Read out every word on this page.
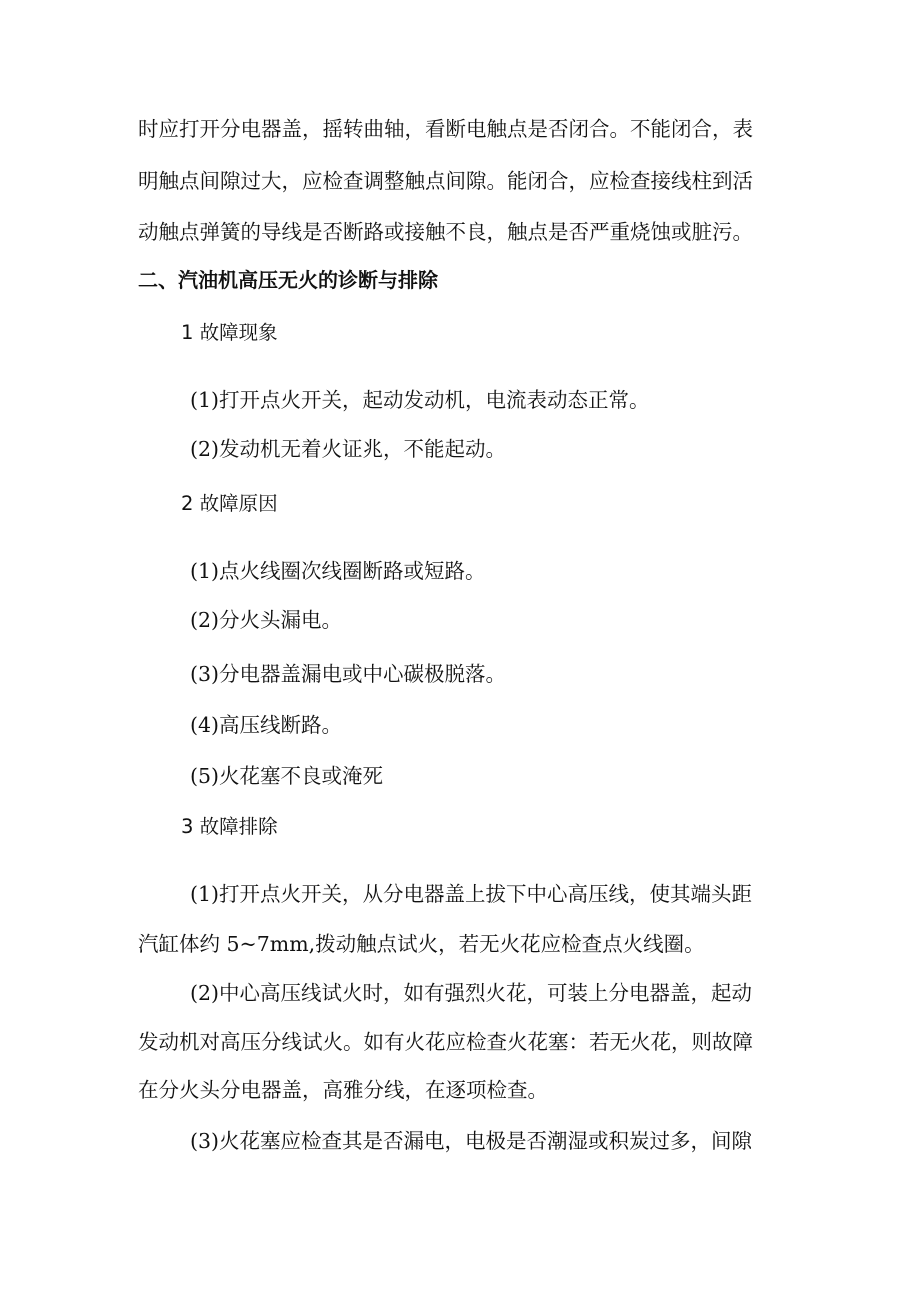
时应打开分电器盖，摇转曲轴，看断电触点是否闭合。不能闭合，表

明触点间隙过大，应检查调整触点间隙。能闭合，应检查接线柱到活

动触点弹簧的导线是否断路或接触不良，触点是否严重烧蚀或脏污。

二、汽油机高压无火的诊断与排除

1 故障现象

(1)打开点火开关，起动发动机，电流表动态正常。

(2)发动机无着火证兆，不能起动。

2 故障原因

(1)点火线圈次线圈断路或短路。

(2)分火头漏电。

(3)分电器盖漏电或中心碳极脱落。

(4)高压线断路。

(5)火花塞不良或淹死

3 故障排除

(1)打开点火开关，从分电器盖上拔下中心高压线，使其端头距

汽缸体约 5~7mm,拨动触点试火，若无火花应检查点火线圈。

(2)中心高压线试火时，如有强烈火花，可装上分电器盖，起动

发动机对高压分线试火。如有火花应检查火花塞：若无火花，则故障

在分火头分电器盖，高雅分线，在逐项检查。

(3)火花塞应检查其是否漏电，电极是否潮湿或积炭过多，间隙
